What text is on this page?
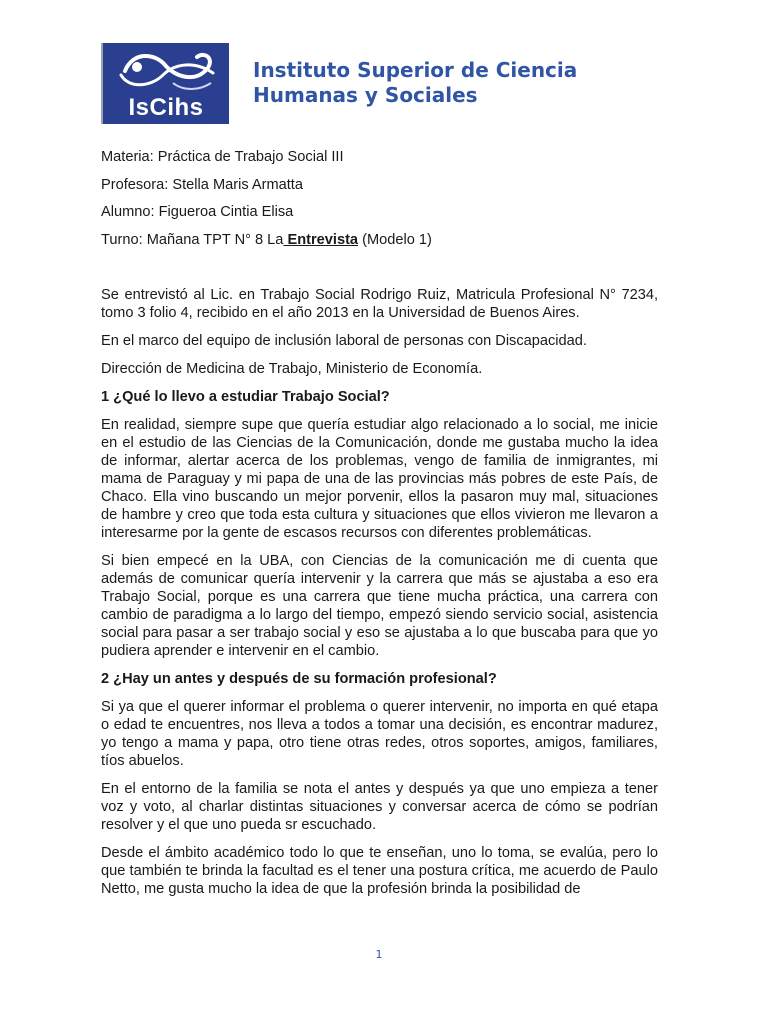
IsCihs
Instituto Superior de Ciencia
Humanas y Sociales

Materia: Práctica de Trabajo Social III

Profesora: Stella Maris Armatta

Alumno: Figueroa Cintia Elisa

Turno: Mañana TPT N° 8 La Entrevista (Modelo 1)

Se entrevistó al Lic. en Trabajo Social Rodrigo Ruiz, Matricula Profesional N° 7234, tomo 3 folio 4, recibido en el año 2013 en la Universidad de Buenos Aires.

En el marco del equipo de inclusión laboral de personas con Discapacidad.

Dirección de Medicina de Trabajo, Ministerio de Economía.

1 ¿Qué lo llevo a estudiar Trabajo Social?

En realidad, siempre supe que quería estudiar algo relacionado a lo social, me inicie en el estudio de las Ciencias de la Comunicación, donde me gustaba mucho la idea de informar, alertar acerca de los problemas, vengo de familia de inmigrantes, mi mama de Paraguay y mi papa de una de las provincias más pobres de este País, de Chaco. Ella vino buscando un mejor porvenir, ellos la pasaron muy mal, situaciones de hambre y creo que toda esta cultura y situaciones que ellos vivieron me llevaron a interesarme por la gente de escasos recursos con diferentes problemáticas.

Si bien empecé en la UBA, con Ciencias de la comunicación me di cuenta que además de comunicar quería intervenir y la carrera que más se ajustaba a eso era Trabajo Social, porque es una carrera que tiene mucha práctica, una carrera con cambio de paradigma a lo largo del tiempo, empezó siendo servicio social, asistencia social para pasar a ser trabajo social y eso se ajustaba a lo que buscaba para que yo pudiera aprender e intervenir en el cambio.

2 ¿Hay un antes y después de su formación profesional?

Si ya que el querer informar el problema o querer intervenir, no importa en qué etapa o edad te encuentres, nos lleva a todos a tomar una decisión, es encontrar madurez, yo tengo a mama y papa, otro tiene otras redes, otros soportes, amigos, familiares, tíos abuelos.

En el entorno de la familia se nota el antes y después ya que uno empieza a tener voz y voto, al charlar distintas situaciones y conversar acerca de cómo se podrían resolver y el que uno pueda sr escuchado.

Desde el ámbito académico todo lo que te enseñan, uno lo toma, se evalúa, pero lo que también te brinda la facultad es el tener una postura crítica, me acuerdo de Paulo Netto, me gusta mucho la idea de que la profesión brinda la posibilidad de

1
